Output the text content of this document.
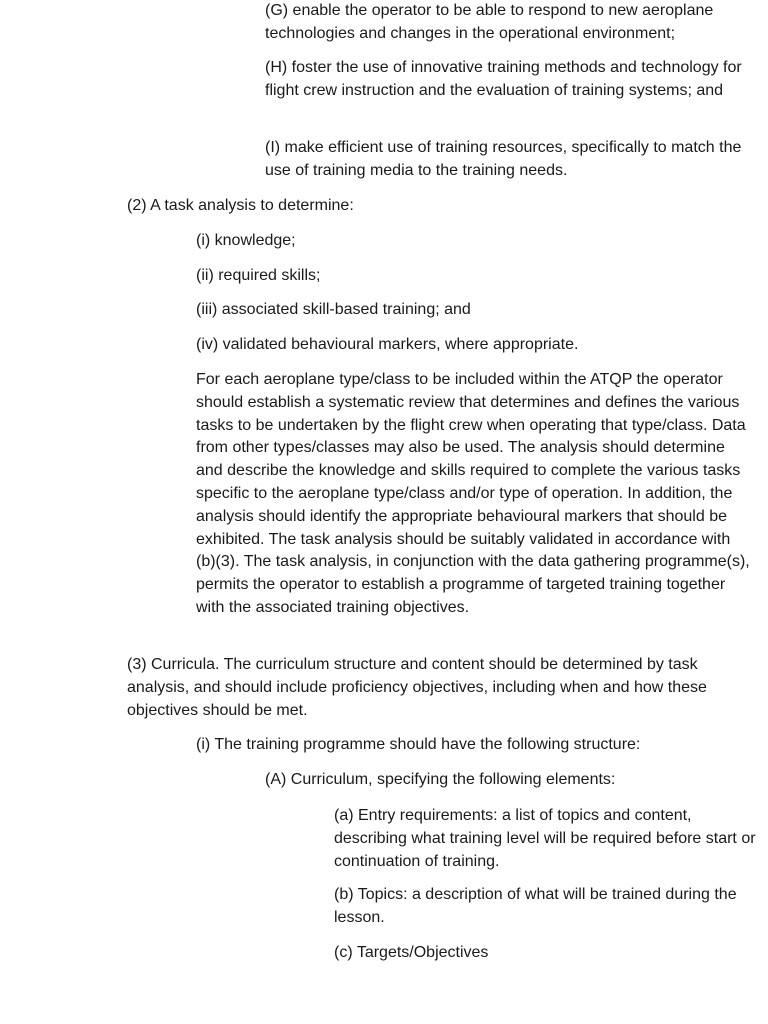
(G) enable the operator to be able to respond to new aeroplane technologies and changes in the operational environment;

(H) foster the use of innovative training methods and technology for flight crew instruction and the evaluation of training systems; and

(I) make efficient use of training resources, specifically to match the use of training media to the training needs.

(2) A task analysis to determine:

(i) knowledge;

(ii) required skills;

(iii) associated skill-based training; and

(iv) validated behavioural markers, where appropriate.

For each aeroplane type/class to be included within the ATQP the operator should establish a systematic review that determines and defines the various tasks to be undertaken by the flight crew when operating that type/class. Data from other types/classes may also be used. The analysis should determine and describe the knowledge and skills required to complete the various tasks specific to the aeroplane type/class and/or type of operation. In addition, the analysis should identify the appropriate behavioural markers that should be exhibited. The task analysis should be suitably validated in accordance with (b)(3). The task analysis, in conjunction with the data gathering programme(s), permits the operator to establish a programme of targeted training together with the associated training objectives.

(3) Curricula. The curriculum structure and content should be determined by task analysis, and should include proficiency objectives, including when and how these objectives should be met.

(i) The training programme should have the following structure:

(A) Curriculum, specifying the following elements:

(a) Entry requirements: a list of topics and content, describing what training level will be required before start or continuation of training.

(b) Topics: a description of what will be trained during the lesson.

(c) Targets/Objectives
